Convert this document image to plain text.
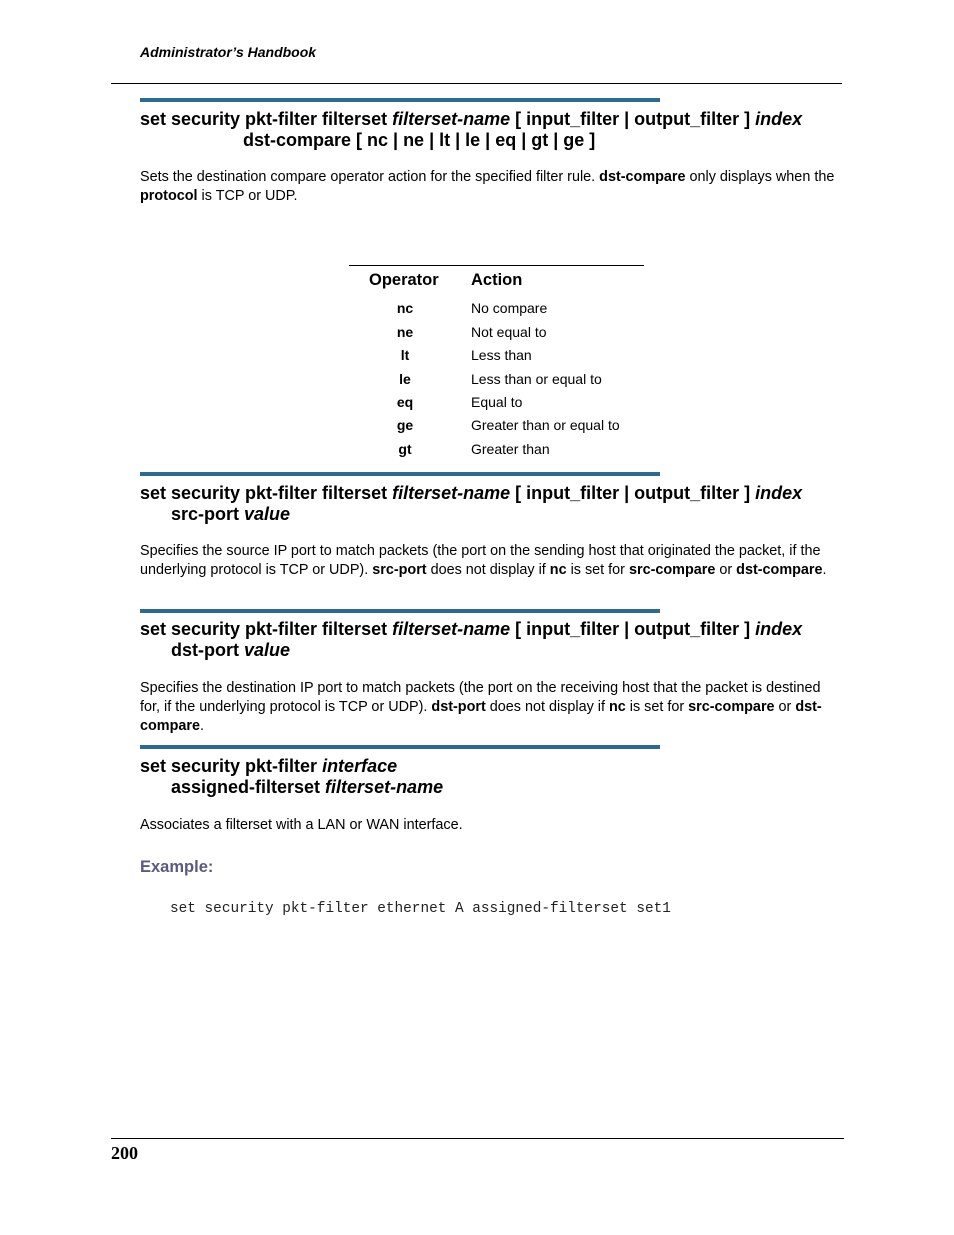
Administrator’s Handbook
set security pkt-filter filterset filterset-name [ input_filter | output_filter ] index
dst-compare [ nc | ne | lt | le | eq | gt | ge ]

Sets the destination compare operator action for the specified filter rule. dst-compare only displays when the protocol is TCP or UDP.

Operator Action
nc	No compare
ne	Not equal to
lt	Less than
le	Less than or equal to
eq	Equal to
ge	Greater than or equal to
gt	Greater than
set security pkt-filter filterset filterset-name [ input_filter | output_filter ] index
src-port value

Specifies the source IP port to match packets (the port on the sending host that originated the packet, if the underlying protocol is TCP or UDP). src-port does not display if nc is set for src-compare or dst-compare.

set security pkt-filter filterset filterset-name [ input_filter | output_filter ] index
dst-port value

Specifies the destination IP port to match packets (the port on the receiving host that the packet is destined for, if the underlying protocol is TCP or UDP). dst-port does not display if nc is set for src-compare or dst-compare.

set security pkt-filter interface
assigned-filterset filterset-name

Associates a filterset with a LAN or WAN interface.

Example:
set security pkt-filter ethernet A assigned-filterset set1
200
